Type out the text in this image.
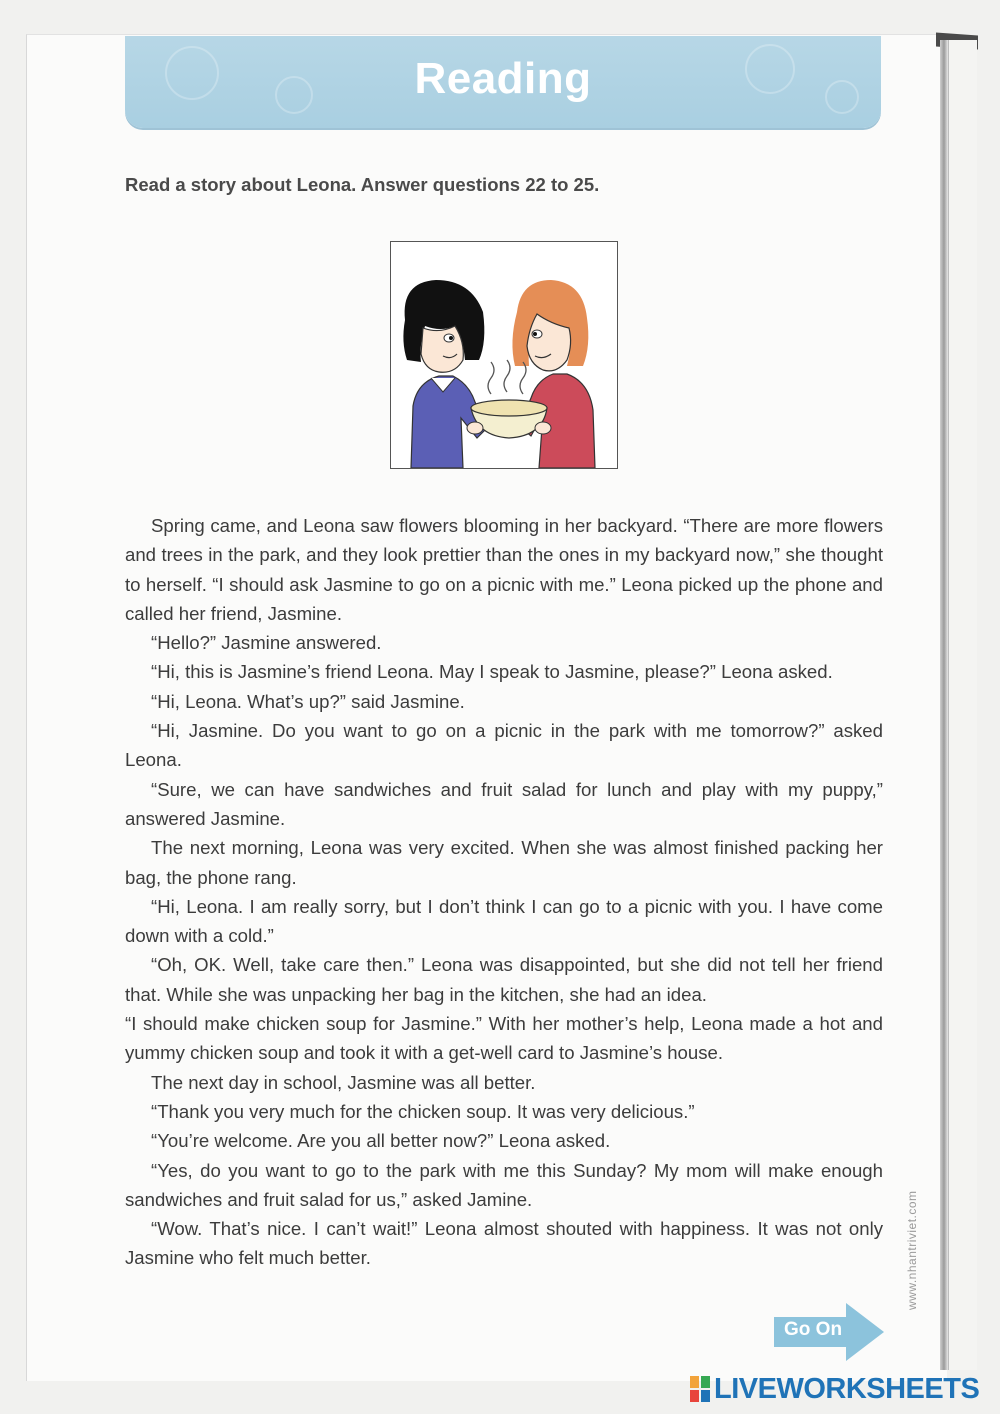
Reading
Read a story about Leona. Answer questions 22 to 25.

Spring came, and Leona saw flowers blooming in her backyard. “There are more flowers and trees in the park, and they look prettier than the ones in my backyard now,” she thought to herself. “I should ask Jasmine to go on a picnic with me.” Leona picked up the phone and called her friend, Jasmine.

“Hello?” Jasmine answered.

“Hi, this is Jasmine’s friend Leona. May I speak to Jasmine, please?” Leona asked.

“Hi, Leona. What’s up?” said Jasmine.

“Hi, Jasmine. Do you want to go on a picnic in the park with me tomorrow?” asked Leona.

“Sure, we can have sandwiches and fruit salad for lunch and play with my puppy,” answered Jasmine.

The next morning, Leona was very excited. When she was almost finished packing her bag, the phone rang.

“Hi, Leona. I am really sorry, but I don’t think I can go to a picnic with you. I have come down with a cold.”

“Oh, OK. Well, take care then.” Leona was disappointed, but she did not tell her friend that. While she was unpacking her bag in the kitchen, she had an idea.

“I should make chicken soup for Jasmine.” With her mother’s help, Leona made a hot and yummy chicken soup and took it with a get-well card to Jasmine’s house.

The next day in school, Jasmine was all better.

“Thank you very much for the chicken soup. It was very delicious.”

“You’re welcome. Are you all better now?” Leona asked.

“Yes, do you want to go to the park with me this Sunday? My mom will make enough sandwiches and fruit salad for us,” asked Jamine.

“Wow. That’s nice. I can’t wait!” Leona almost shouted with happiness. It was not only Jasmine who felt much better.

Go On
www.nhantriviet.com
LIVEWORKSHEETS
